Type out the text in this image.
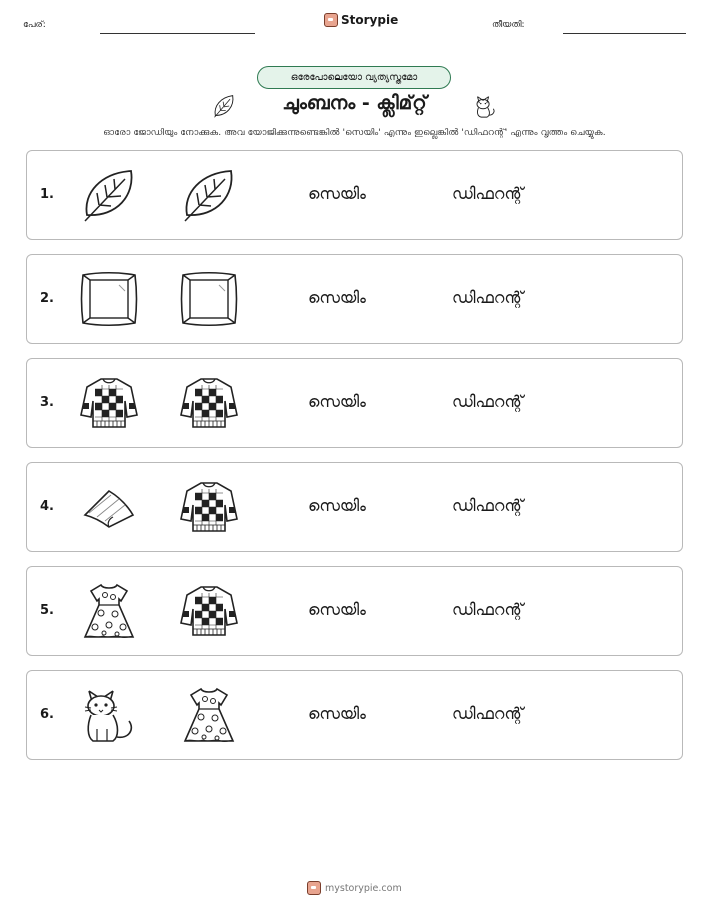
പേര്:	Storypie	തീയതി:
ഒരേപോലെയോ വ്യത്യസ്തമോ
ചുംബനം - ക്ലിമ്റ്റ്
ഓരോ ജോഡിയും നോക്കുക. അവ യോജിക്കുന്നുണ്ടെങ്കിൽ 'സെയിം' എന്നും ഇല്ലെങ്കിൽ 'ഡിഫറന്റ്' എന്നും വൃത്തം ചെയ്യുക.
1.	സെയിം	ഡിഫറന്റ്
2.	സെയിം	ഡിഫറന്റ്
3.	സെയിം	ഡിഫറന്റ്
4.	സെയിം	ഡിഫറന്റ്
5.	സെയിം	ഡിഫറന്റ്
6.	സെയിം	ഡിഫറന്റ്
mystorypie.com
